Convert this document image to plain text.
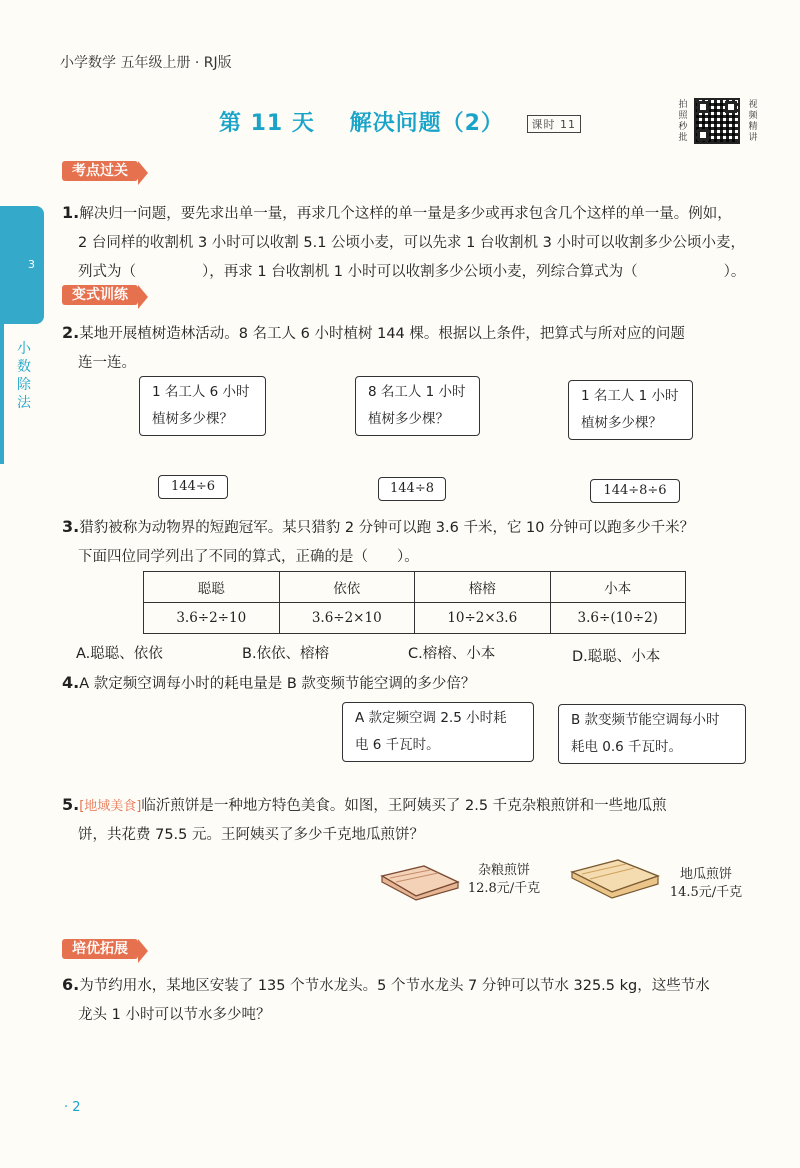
小学数学 五年级上册 · RJ版
第 11 天 解决问题（2）	课时 11
拍照秒批
视频精讲
3
小数除法
考点过关
1.解决归一问题，要先求出单一量，再求几个这样的单一量是多少或再求包含几个这样的单一量。例如，
2 台同样的收割机 3 小时可以收割 5.1 公顷小麦，可以先求 1 台收割机 3 小时可以收割多少公顷小麦，
列式为（	），再求 1 台收割机 1 小时可以收割多少公顷小麦，列综合算式为（	）。
变式训练
2.某地开展植树造林活动。8 名工人 6 小时植树 144 棵。根据以上条件，把算式与所对应的问题
连一连。
1 名工人 6 小时
植树多少棵？
8 名工人 1 小时
植树多少棵？
1 名工人 1 小时
植树多少棵？
144÷6	144÷8	144÷8÷6
3.猎豹被称为动物界的短跑冠军。某只猎豹 2 分钟可以跑 3.6 千米，它 10 分钟可以跑多少千米？
下面四位同学列出了不同的算式，正确的是（　　）。
聪聪	依依	榕榕	小本
3.6÷2÷10	3.6÷2×10	10÷2×3.6	3.6÷(10÷2)
A.聪聪、依依	B.依依、榕榕	C.榕榕、小本	D.聪聪、小本
4.A 款定频空调每小时的耗电量是 B 款变频节能空调的多少倍？
A 款定频空调 2.5 小时耗
电 6 千瓦时。
B 款变频节能空调每小时
耗电 0.6 千瓦时。
5.[地域美食]临沂煎饼是一种地方特色美食。如图，王阿姨买了 2.5 千克杂粮煎饼和一些地瓜煎
饼，共花费 75.5 元。王阿姨买了多少千克地瓜煎饼？
杂粮煎饼
12.8元/千克
地瓜煎饼
14.5元/千克
培优拓展
6.为节约用水，某地区安装了 135 个节水龙头。5 个节水龙头 7 分钟可以节水 325.5 kg，这些节水
龙头 1 小时可以节水多少吨？
· 2
